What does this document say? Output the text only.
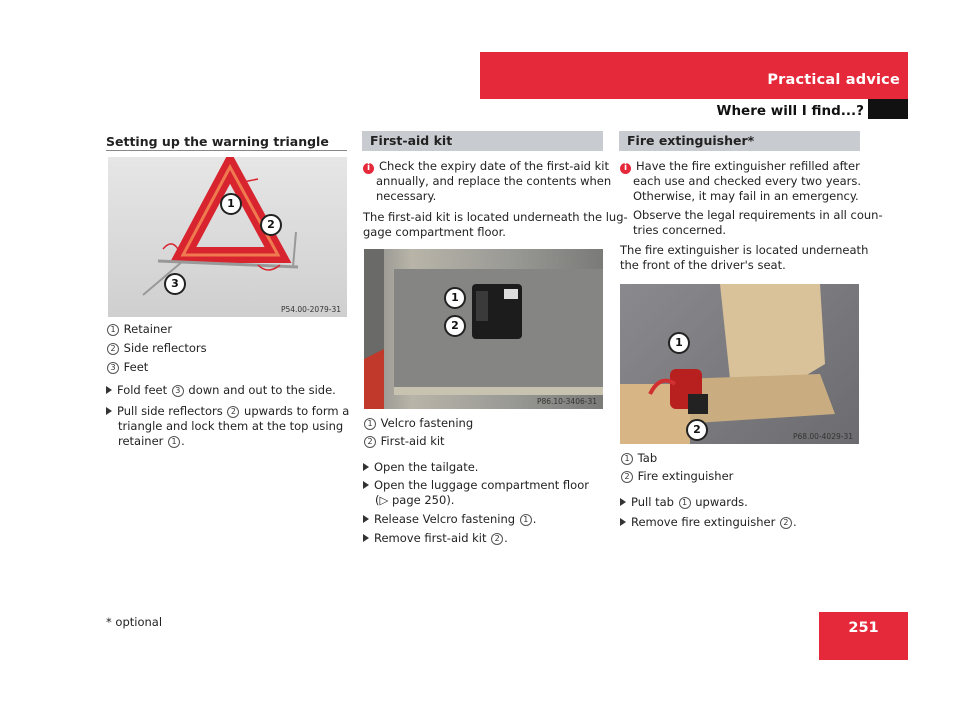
Practical advice
Where will I find...?
Setting up the warning triangle
1
2
3
P54.00-2079-31
1 Retainer
2 Side reflectors
3 Feet
Fold feet 3 down and out to the side.
Pull side reflectors 2 upwards to form a
triangle and lock them at the top using
retainer 1 .
First-aid kit
i Check the expiry date of the first-aid kit
annually, and replace the contents when
necessary.
The first-aid kit is located underneath the lug-
gage compartment floor.
1
2
P86.10-3406-31
1 Velcro fastening
2 First-aid kit
Open the tailgate.
Open the luggage compartment floor
(▷ page 250).
Release Velcro fastening 1 .
Remove first-aid kit 2 .
Fire extinguisher*
i Have the fire extinguisher refilled after
each use and checked every two years.
Otherwise, it may fail in an emergency.
Observe the legal requirements in all coun-
tries concerned.
The fire extinguisher is located underneath
the front of the driver's seat.
1
2
P68.00-4029-31
1 Tab
2 Fire extinguisher
Pull tab 1 upwards.
Remove fire extinguisher 2 .
* optional	251
